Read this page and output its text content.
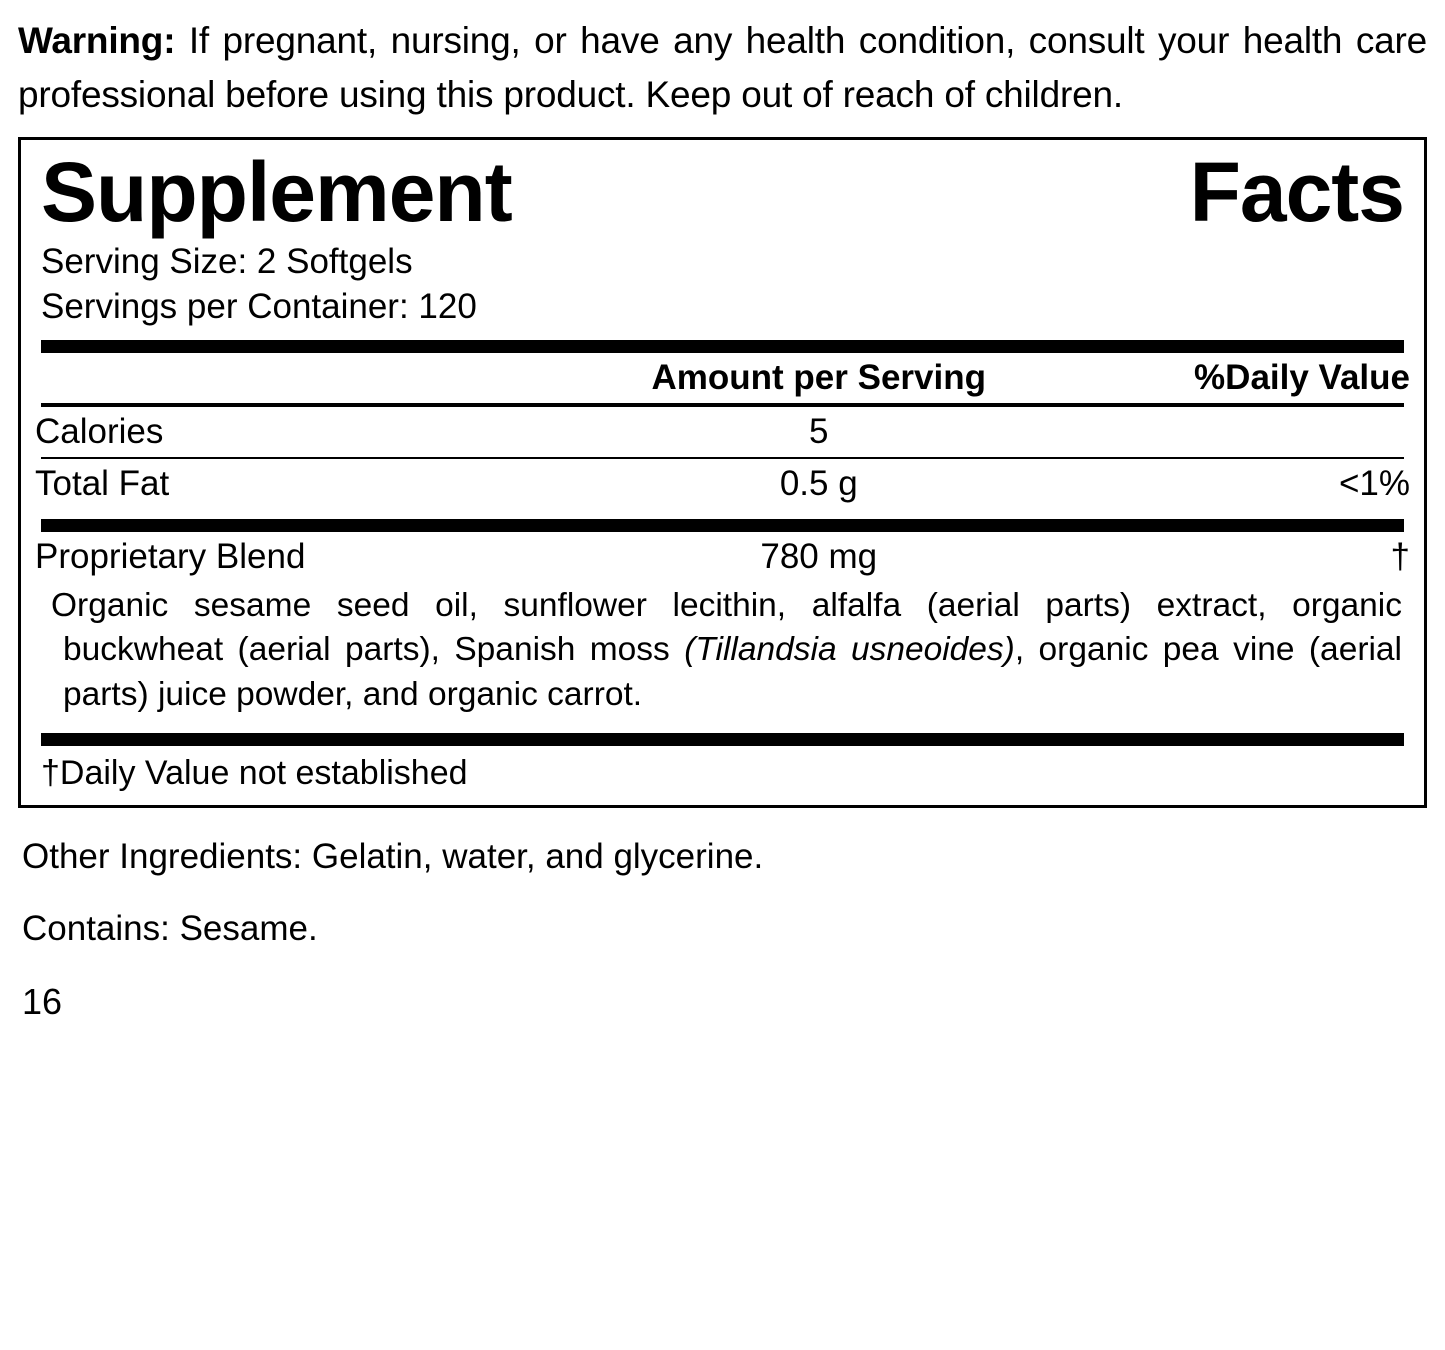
Warning: If pregnant, nursing, or have any health condition, consult your health care professional before using this product. Keep out of reach of children.
Supplement	Facts
Serving Size: 2 Softgels
Servings per Container: 120
	Amount per Serving	%Daily Value
Calories	5	
Total Fat	0.5 g	<1%
Proprietary Blend	780 mg	†
Organic sesame seed oil, sunflower lecithin, alfalfa (aerial parts) extract, organic buckwheat (aerial parts), Spanish moss (Tillandsia usneoides), organic pea vine (aerial parts) juice powder, and organic carrot.
†Daily Value not established
Other Ingredients: Gelatin, water, and glycerine.
Contains: Sesame.
16
